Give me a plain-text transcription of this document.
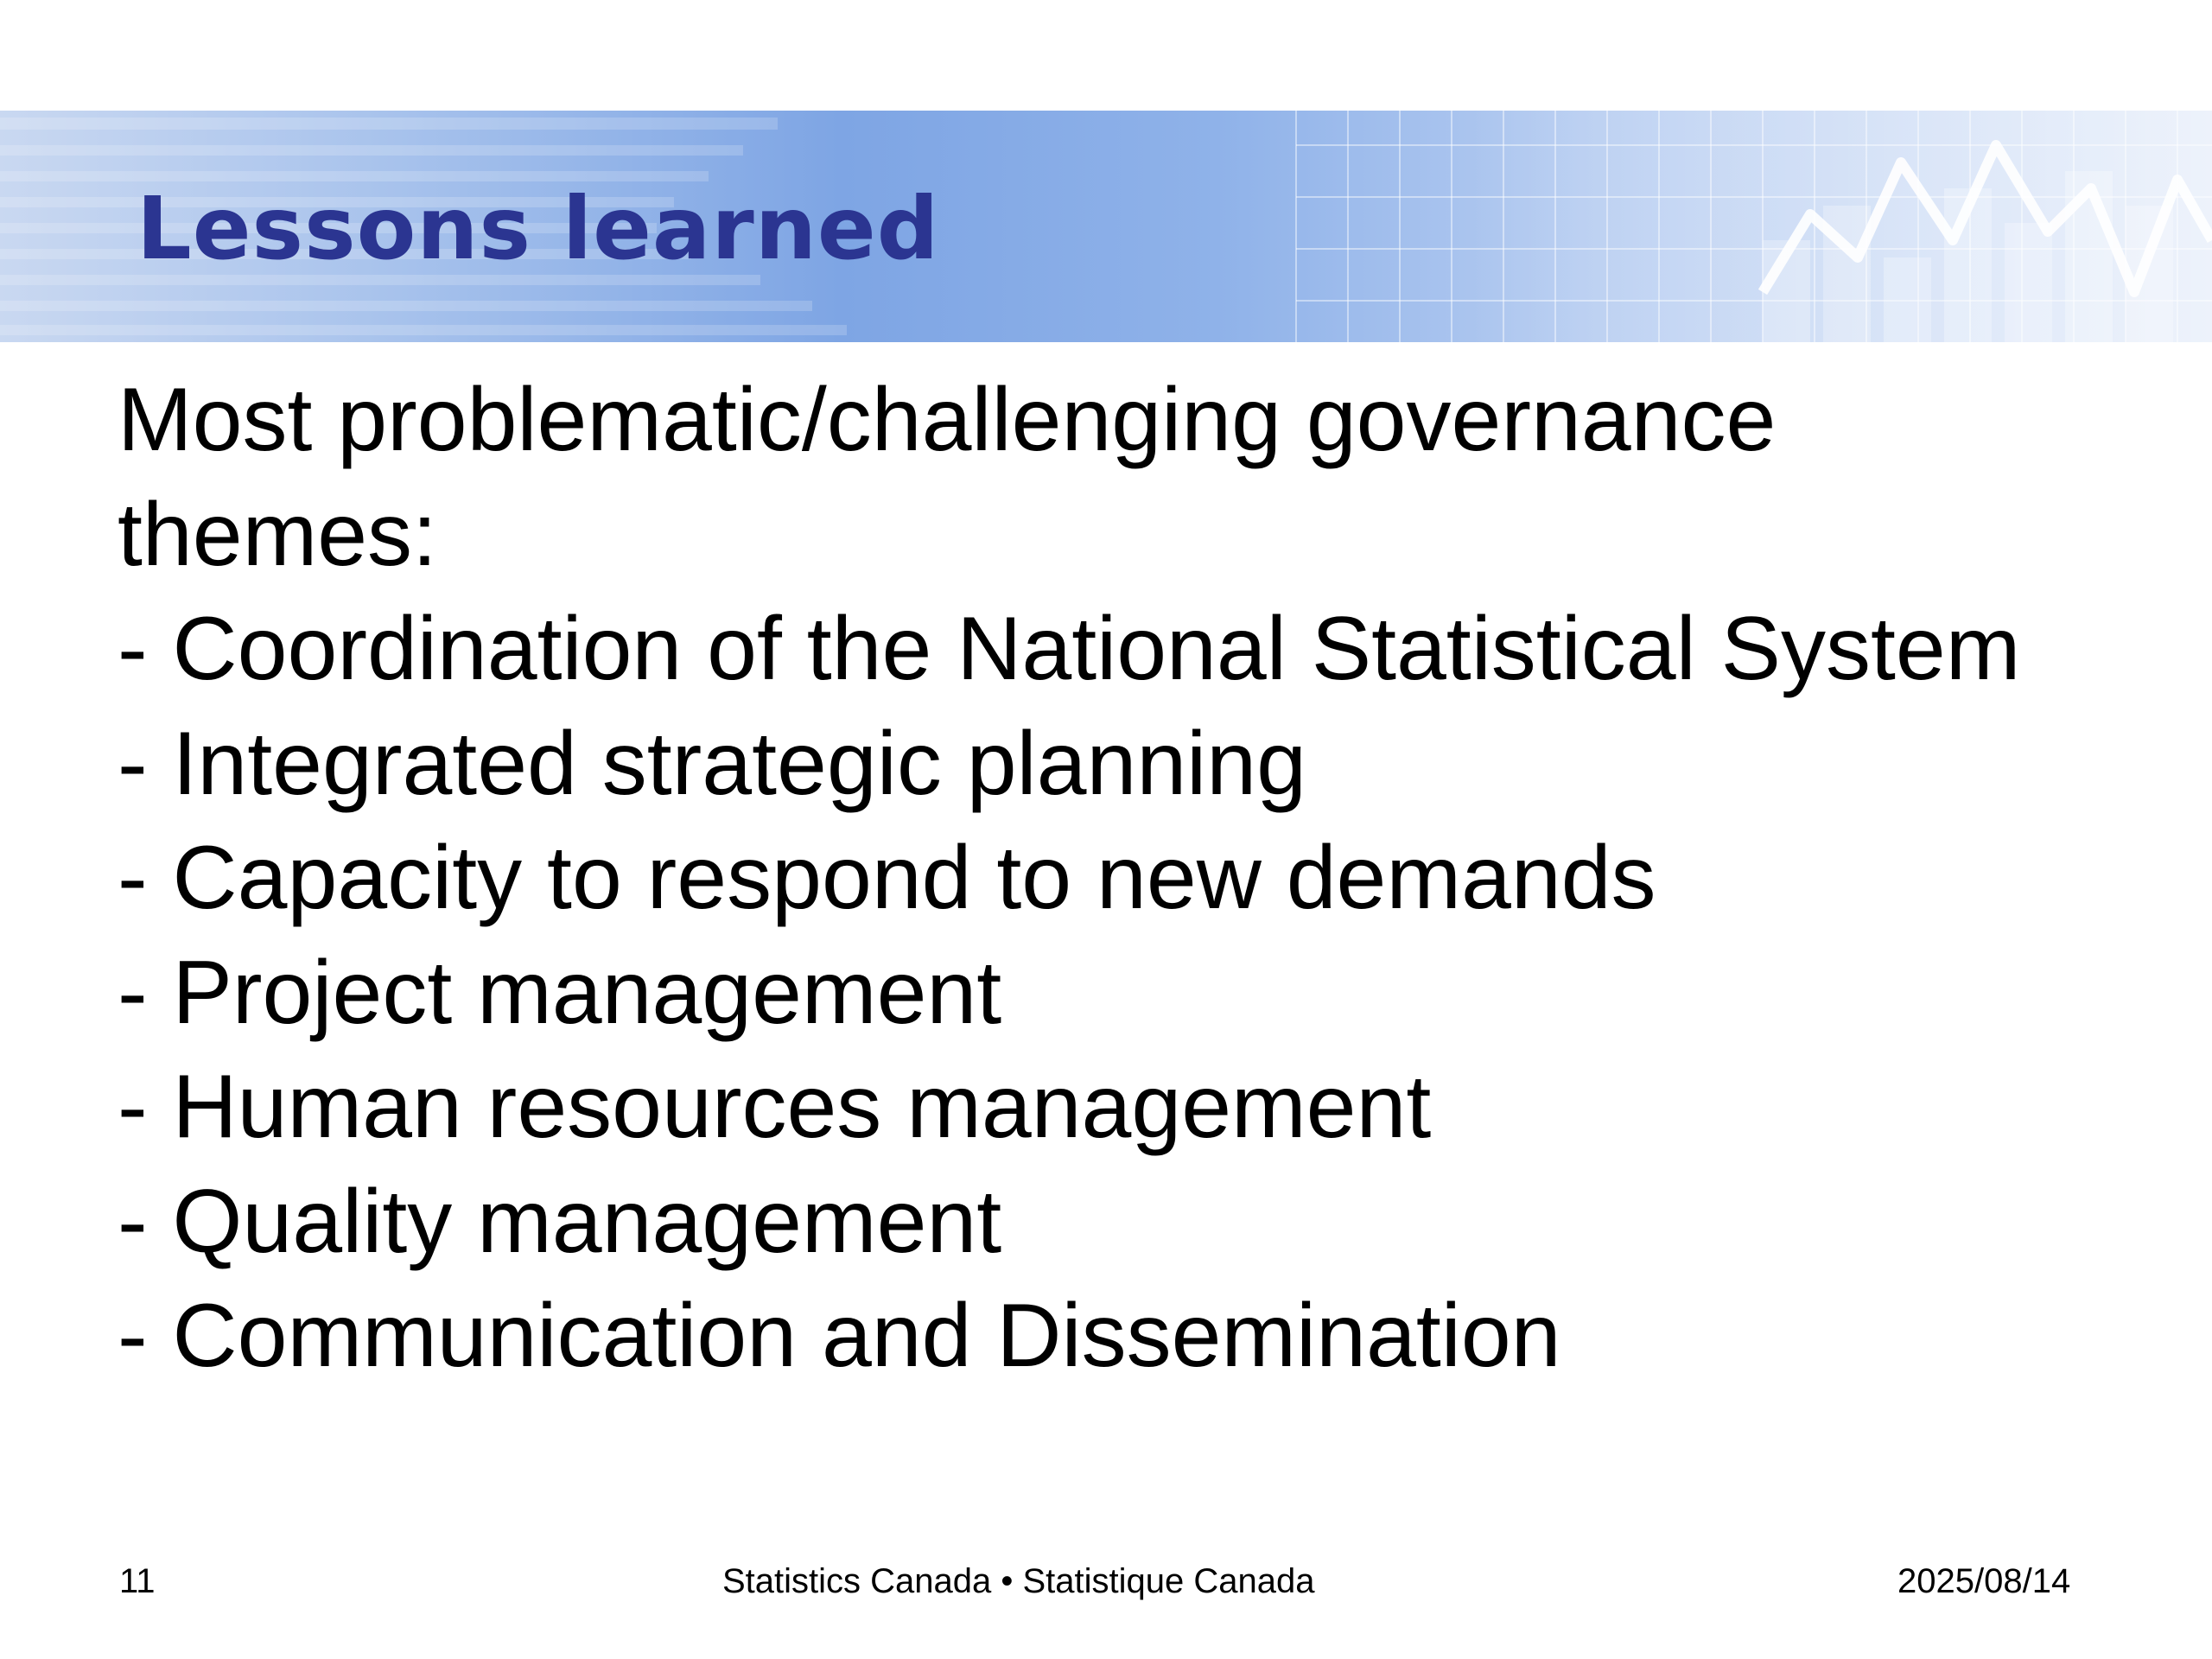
Lessons learned
Most problematic/challenging governance
themes:
- Coordination of the National Statistical System
- Integrated strategic planning
- Capacity to respond to new demands
- Project management
- Human resources management
- Quality management
- Communication and Dissemination
11	Statistics Canada • Statistique Canada	2025/08/14
